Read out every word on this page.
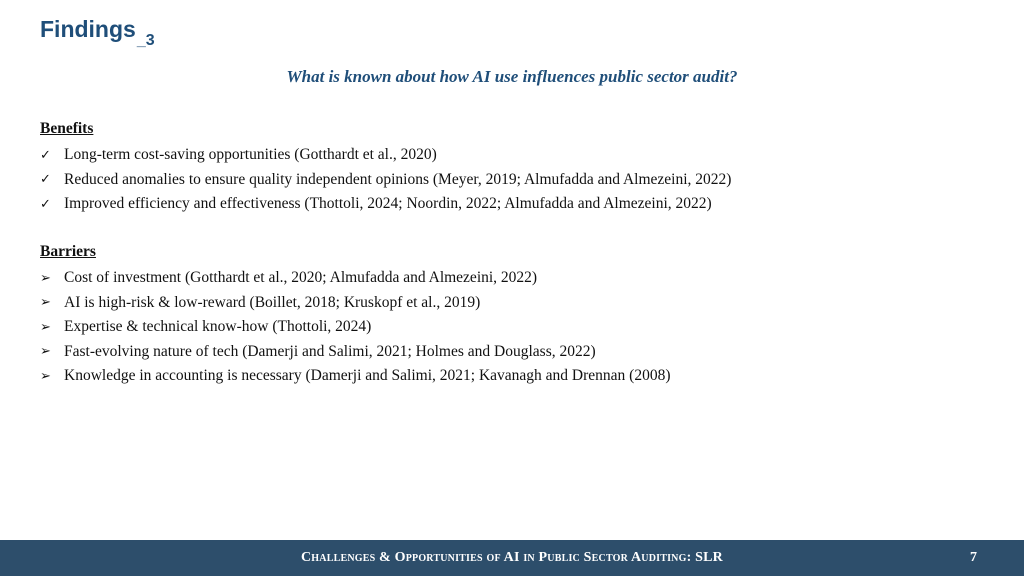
Findings$_{\_3}$
What is known about how AI use influences public sector audit?
Benefits
✓ Long-term cost-saving opportunities (Gotthardt et al., 2020)
✓ Reduced anomalies to ensure quality independent opinions (Meyer, 2019; Almufadda and Almezeini, 2022)
✓ Improved efficiency and effectiveness (Thottoli, 2024; Noordin, 2022; Almufadda and Almezeini, 2022)
Barriers
➢ Cost of investment (Gotthardt et al., 2020; Almufadda and Almezeini, 2022)
➢ AI is high-risk & low-reward (Boillet, 2018; Kruskopf et al., 2019)
➢ Expertise & technical know-how (Thottoli, 2024)
➢ Fast-evolving nature of tech (Damerji and Salimi, 2021; Holmes and Douglass, 2022)
➢ Knowledge in accounting is necessary (Damerji and Salimi, 2021; Kavanagh and Drennan (2008)
Challenges & Opportunities of AI in Public Sector Auditing: SLR	7
